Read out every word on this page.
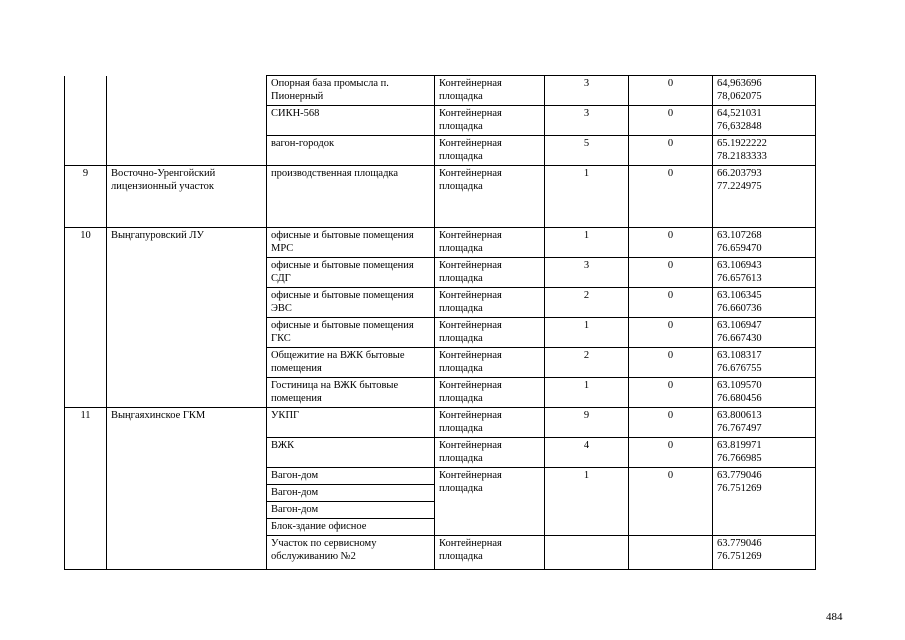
		Опорная база промысла п. Пионерный	Контейнерная площадка	3	0	64,963696
78,062075

		СИКН-568	Контейнерная площадка	3	0	64,521031
76,632848

		вагон-городок	Контейнерная площадка	5	0	65.1922222
78.2183333

9	Восточно-Уренгойский лицензионный участок	производственная площадка	Контейнерная площадка	1	0	66.203793
77.224975

10	Выңгапуровский ЛУ	офисные и бытовые помещения МРС	Контейнерная площадка	1	0	63.107268
76.659470

		офисные и бытовые помещения СДГ	Контейнерная площадка	3	0	63.106943
76.657613

		офисные и бытовые помещения ЭВС	Контейнерная площадка	2	0	63.106345
76.660736

		офисные и бытовые помещения ГКС	Контейнерная площадка	1	0	63.106947
76.667430

		Общежитие на ВЖК бытовые помещения	Контейнерная площадка	2	0	63.108317
76.676755

		Гостиница на ВЖК бытовые помещения	Контейнерная площадка	1	0	63.109570
76.680456

11	Выңгаяхинское ГКМ	УКПГ	Контейнерная площадка	9	0	63.800613
76.767497

		ВЖК	Контейнерная площадка	4	0	63.819971
76.766985

		Вагон-дом	Контейнерная площадка	1	0	63.779046
76.751269

		Вагон-дом				
		Вагон-дом				
		Блок-здание офисное				
		Участок по сервисному обслуживанию №2	Контейнерная площадка			63.779046
76.751269
484
